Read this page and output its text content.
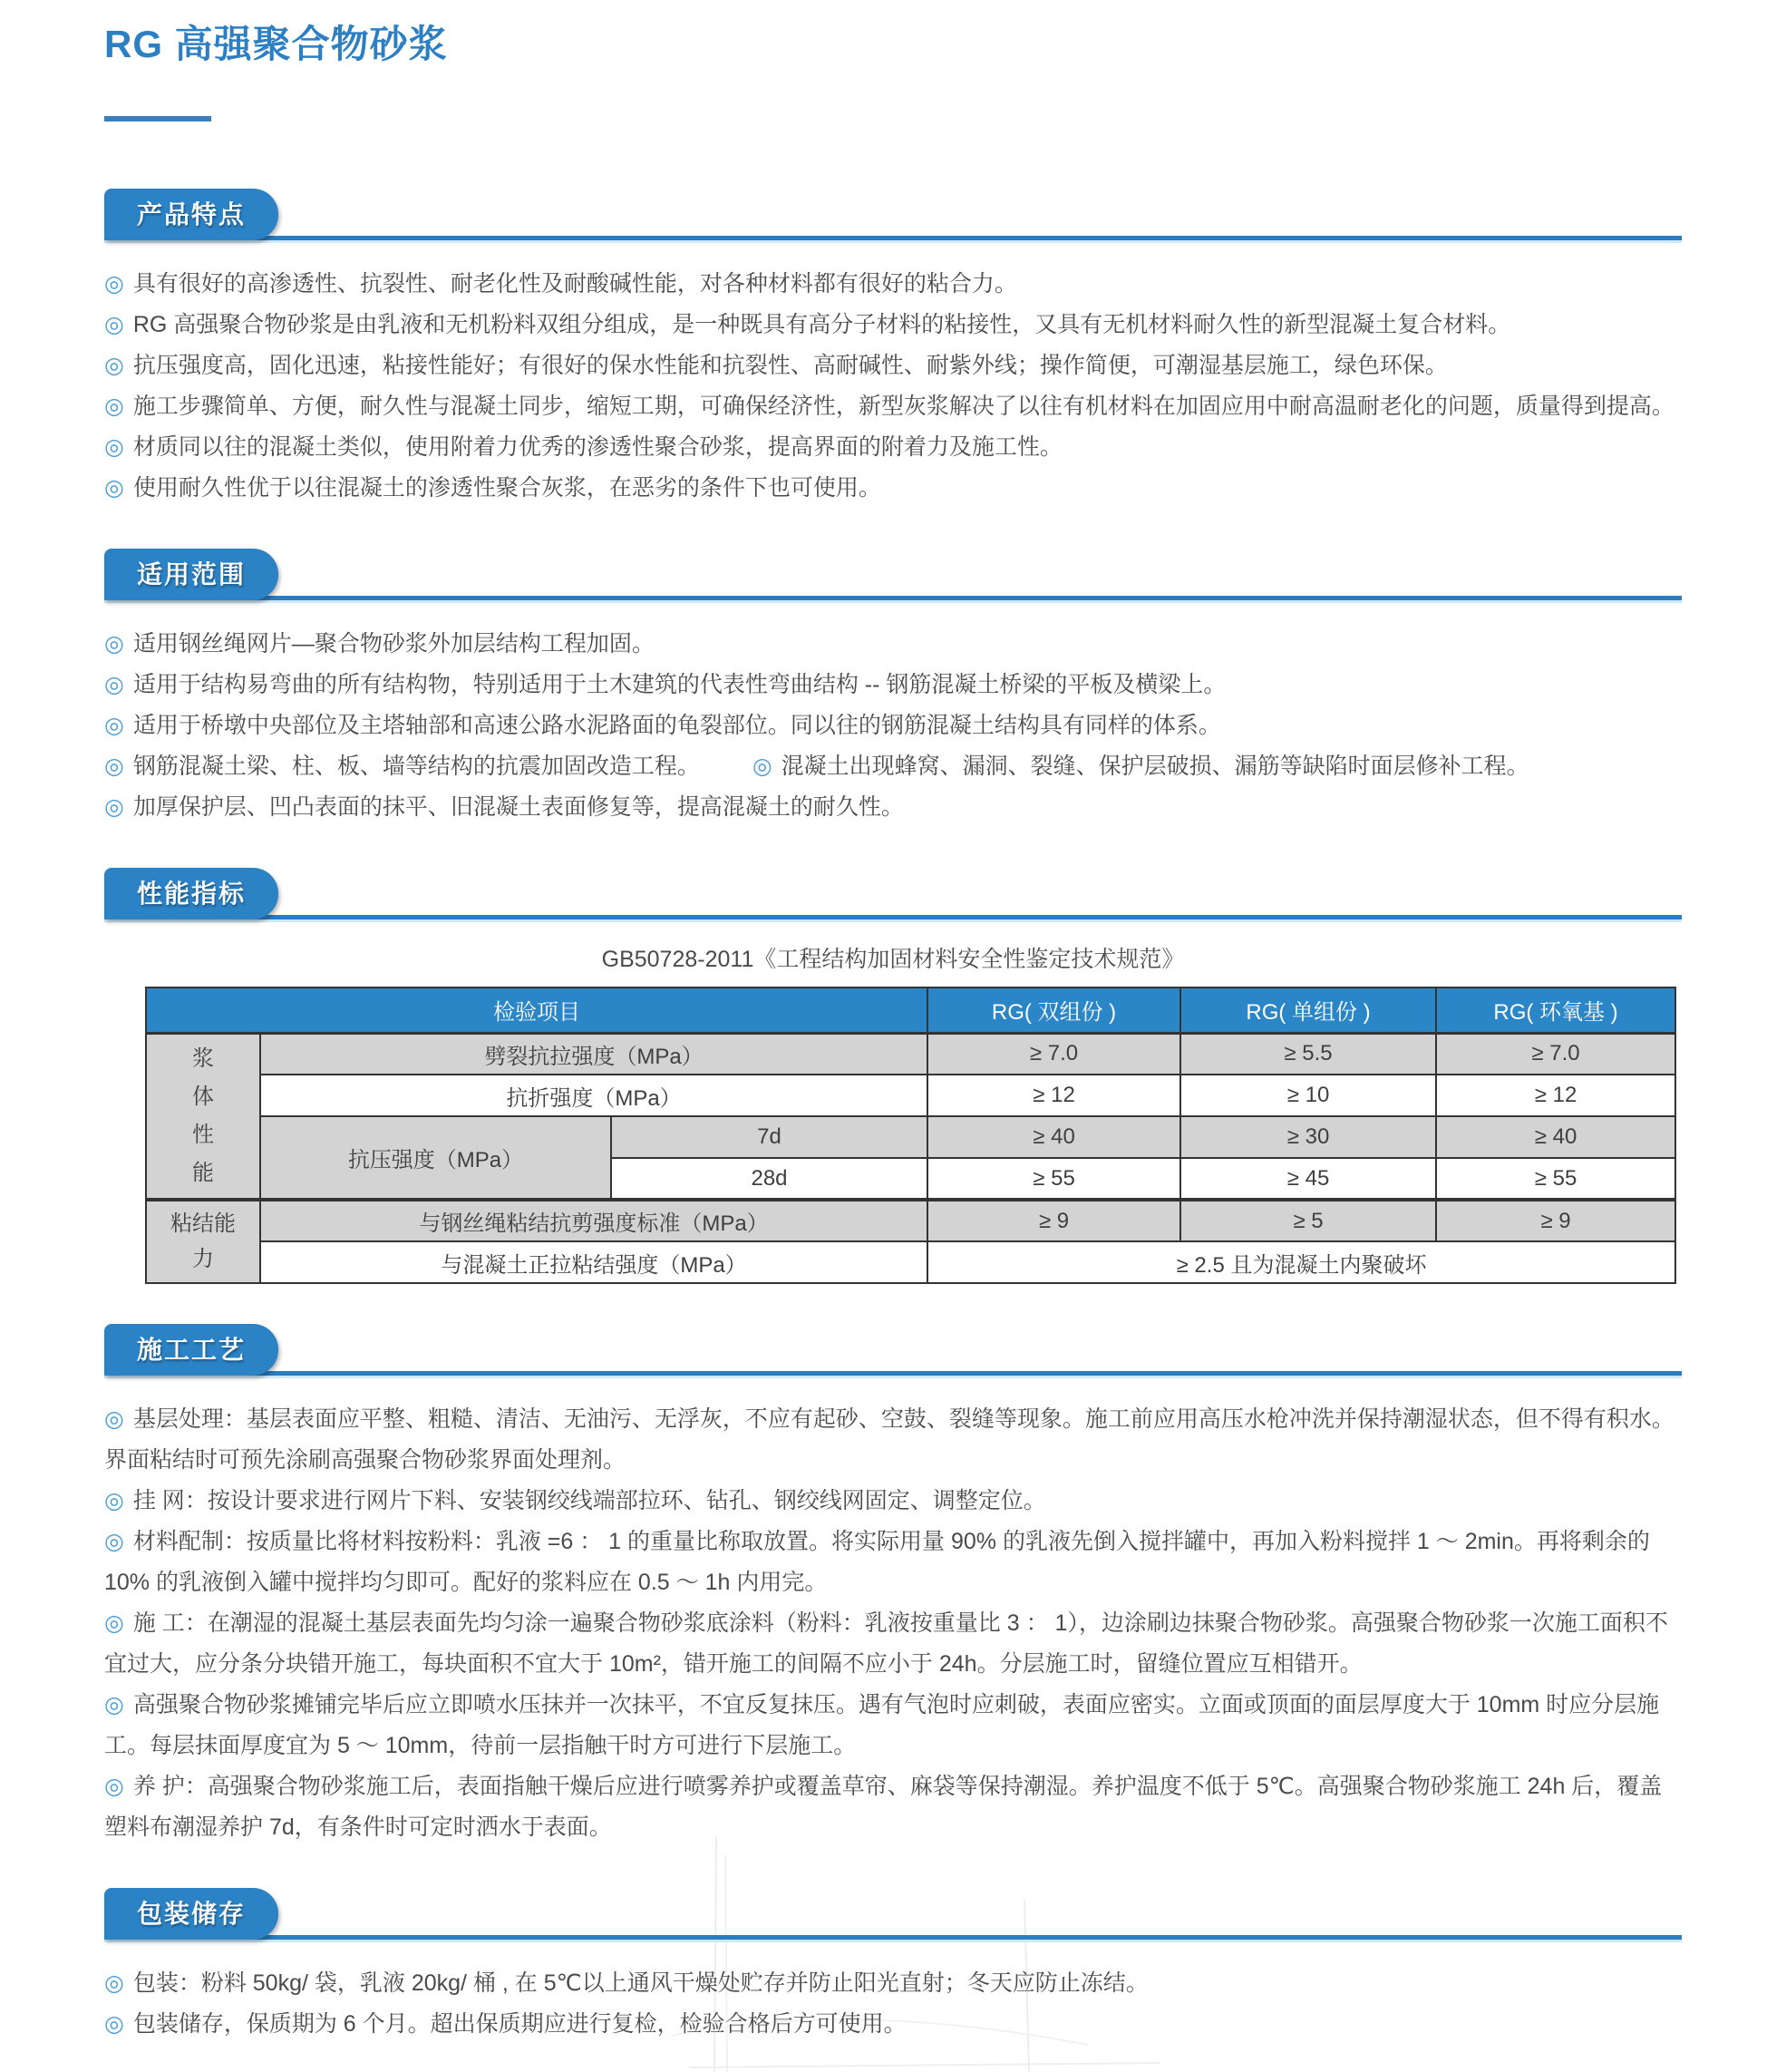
RG 高强聚合物砂浆
产品特点
◎ 具有很好的高渗透性、抗裂性、耐老化性及耐酸碱性能，对各种材料都有很好的粘合力。
◎ RG 高强聚合物砂浆是由乳液和无机粉料双组分组成，是一种既具有高分子材料的粘接性，又具有无机材料耐久性的新型混凝土复合材料。
◎ 抗压强度高，固化迅速，粘接性能好；有很好的保水性能和抗裂性、高耐碱性、耐紫外线；操作简便，可潮湿基层施工，绿色环保。
◎ 施工步骤简单、方便，耐久性与混凝土同步，缩短工期，可确保经济性，新型灰浆解决了以往有机材料在加固应用中耐高温耐老化的问题，质量得到提高。
◎ 材质同以往的混凝土类似，使用附着力优秀的渗透性聚合砂浆，提高界面的附着力及施工性。
◎ 使用耐久性优于以往混凝土的渗透性聚合灰浆，在恶劣的条件下也可使用。
适用范围
◎ 适用钢丝绳网片—聚合物砂浆外加层结构工程加固。
◎ 适用于结构易弯曲的所有结构物，特别适用于土木建筑的代表性弯曲结构 -- 钢筋混凝土桥梁的平板及横梁上。
◎ 适用于桥墩中央部位及主塔轴部和高速公路水泥路面的龟裂部位。同以往的钢筋混凝土结构具有同样的体系。
◎ 钢筋混凝土梁、柱、板、墙等结构的抗震加固改造工程。 ◎ 混凝土出现蜂窝、漏洞、裂缝、保护层破损、漏筋等缺陷时面层修补工程。
◎ 加厚保护层、凹凸表面的抹平、旧混凝土表面修复等，提高混凝土的耐久性。
性能指标
GB50728-2011《工程结构加固材料安全性鉴定技术规范》
检验项目			RG( 双组份 )	RG( 单组份 )	RG( 环氧基 )

浆体性能	劈裂抗拉强度（MPa）		≥ 7.0	≥ 5.5	≥ 7.0
	抗折强度（MPa）		≥ 12	≥ 10	≥ 12
	抗压强度（MPa）	7d	≥ 40	≥ 30	≥ 40
		28d	≥ 55	≥ 45	≥ 55

粘结能力	与钢丝绳粘结抗剪强度标准（MPa）		≥ 9	≥ 5	≥ 9
	与混凝土正拉粘结强度（MPa）		≥ 2.5 且为混凝土内聚破坏		
施工工艺
◎ 基层处理：基层表面应平整、粗糙、清洁、无油污、无浮灰，不应有起砂、空鼓、裂缝等现象。施工前应用高压水枪冲洗并保持潮湿状态，但不得有积水。界面粘结时可预先涂刷高强聚合物砂浆界面处理剂。
◎ 挂 网：按设计要求进行网片下料、安装钢绞线端部拉环、钻孔、钢绞线网固定、调整定位。
◎ 材料配制：按质量比将材料按粉料：乳液 =6 ： 1 的重量比称取放置。将实际用量 90% 的乳液先倒入搅拌罐中，再加入粉料搅拌 1 ～ 2min。再将剩余的 10% 的乳液倒入罐中搅拌均匀即可。配好的浆料应在 0.5 ～ 1h 内用完。
◎ 施 工：在潮湿的混凝土基层表面先均匀涂一遍聚合物砂浆底涂料（粉料：乳液按重量比 3 ： 1），边涂刷边抹聚合物砂浆。高强聚合物砂浆一次施工面积不宜过大，应分条分块错开施工，每块面积不宜大于 10m²，错开施工的间隔不应小于 24h。分层施工时，留缝位置应互相错开。
◎ 高强聚合物砂浆摊铺完毕后应立即喷水压抹并一次抹平，不宜反复抹压。遇有气泡时应刺破，表面应密实。立面或顶面的面层厚度大于 10mm 时应分层施工。每层抹面厚度宜为 5 ～ 10mm，待前一层指触干时方可进行下层施工。
◎ 养 护：高强聚合物砂浆施工后，表面指触干燥后应进行喷雾养护或覆盖草帘、麻袋等保持潮湿。养护温度不低于 5℃。高强聚合物砂浆施工 24h 后，覆盖塑料布潮湿养护 7d，有条件时可定时洒水于表面。
包装储存
◎ 包装：粉料 50kg/ 袋，乳液 20kg/ 桶 , 在 5℃以上通风干燥处贮存并防止阳光直射；冬天应防止冻结。
◎ 包装储存，保质期为 6 个月。超出保质期应进行复检，检验合格后方可使用。
